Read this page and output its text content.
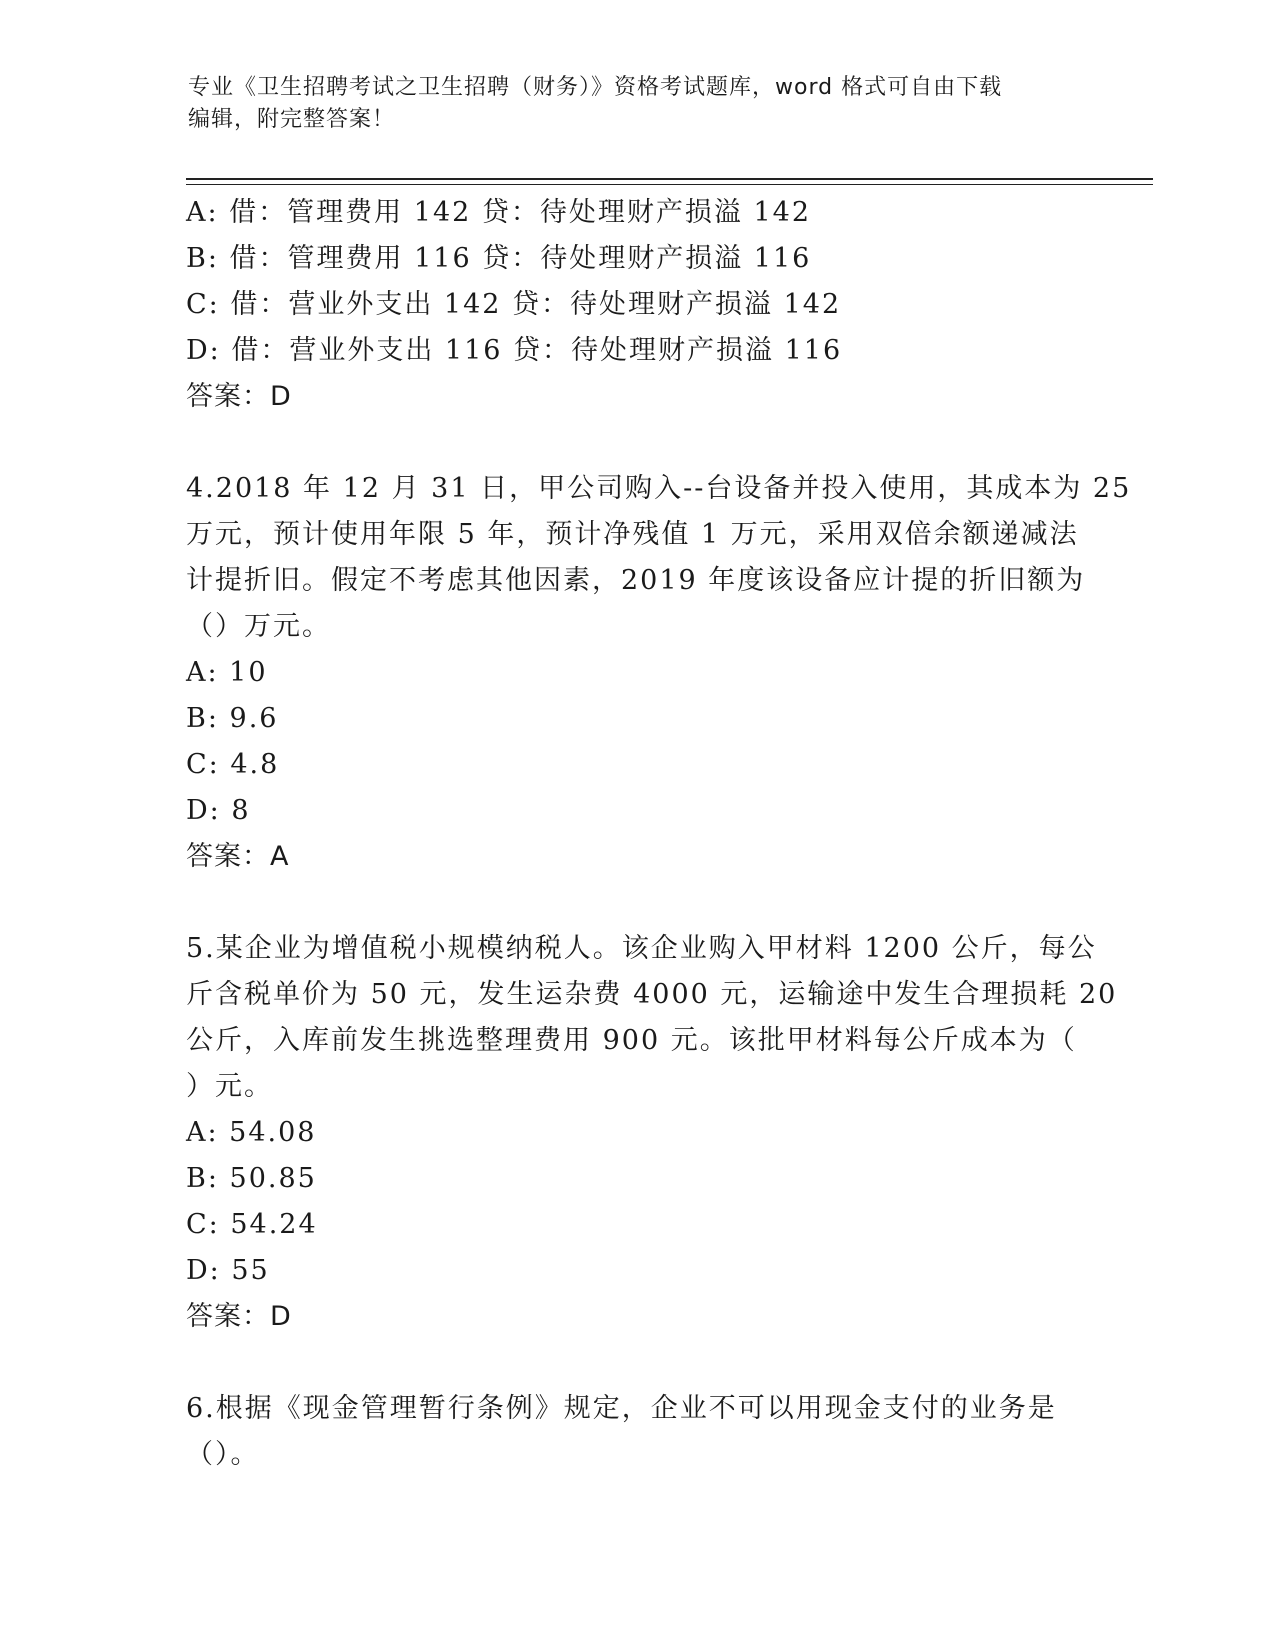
专业《卫生招聘考试之卫生招聘（财务）》资格考试题库，word 格式可自由下载
编辑，附完整答案！
A: 借：管理费用 142 贷：待处理财产损溢 142
B: 借：管理费用 116 贷：待处理财产损溢 116
C: 借：营业外支出 142 贷：待处理财产损溢 142
D: 借：营业外支出 116 贷：待处理财产损溢 116
答案：D
4.2018 年 12 月 31 日，甲公司购入--台设备并投入使用，其成本为 25
万元，预计使用年限 5 年，预计净残值 1 万元，采用双倍余额递减法
计提折旧。假定不考虑其他因素，2019 年度该设备应计提的折旧额为
（）万元。
A: 10
B: 9.6
C: 4.8
D: 8
答案：A
5.某企业为增值税小规模纳税人。该企业购入甲材料 1200 公斤，每公
斤含税单价为 50 元，发生运杂费 4000 元，运输途中发生合理损耗 20
公斤，入库前发生挑选整理费用 900 元。该批甲材料每公斤成本为（
）元。
A: 54.08
B: 50.85
C: 54.24
D: 55
答案：D
6.根据《现金管理暂行条例》规定，企业不可以用现金支付的业务是
（）。
